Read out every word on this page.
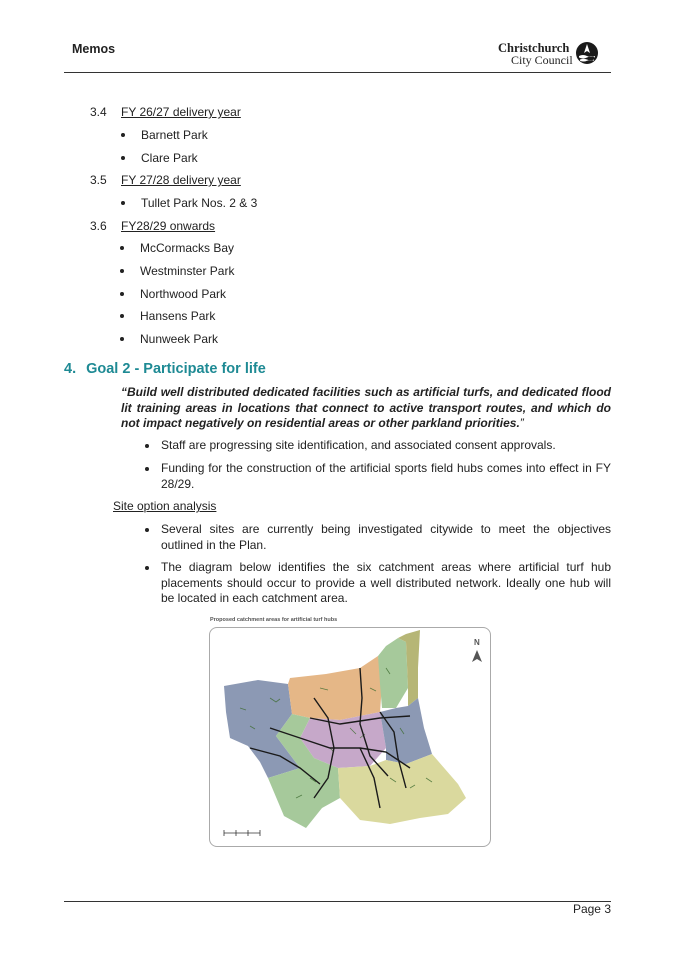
Memos	Christchurch
City Council
3.4 FY 26/27 delivery year
Barnett Park
Clare Park
3.5 FY 27/28 delivery year
Tullet Park Nos. 2 & 3
3.6 FY28/29 onwards
McCormacks Bay
Westminster Park
Northwood Park
Hansens Park
Nunweek Park
4. Goal 2 - Participate for life
“Build well distributed dedicated facilities such as artificial turfs, and dedicated flood lit training areas in locations that connect to active transport routes, and which do not impact negatively on residential areas or other parkland priorities.”
Staff are progressing site identification, and associated consent approvals.
Funding for the construction of the artificial sports field hubs comes into effect in FY 28/29.
Site option analysis
Several sites are currently being investigated citywide to meet the objectives outlined in the Plan.
The diagram below identifies the six catchment areas where artificial turf hub placements should occur to provide a well distributed network. Ideally one hub will be located in each catchment area.
Proposed catchment areas for artificial turf hubs
N
Page 3
